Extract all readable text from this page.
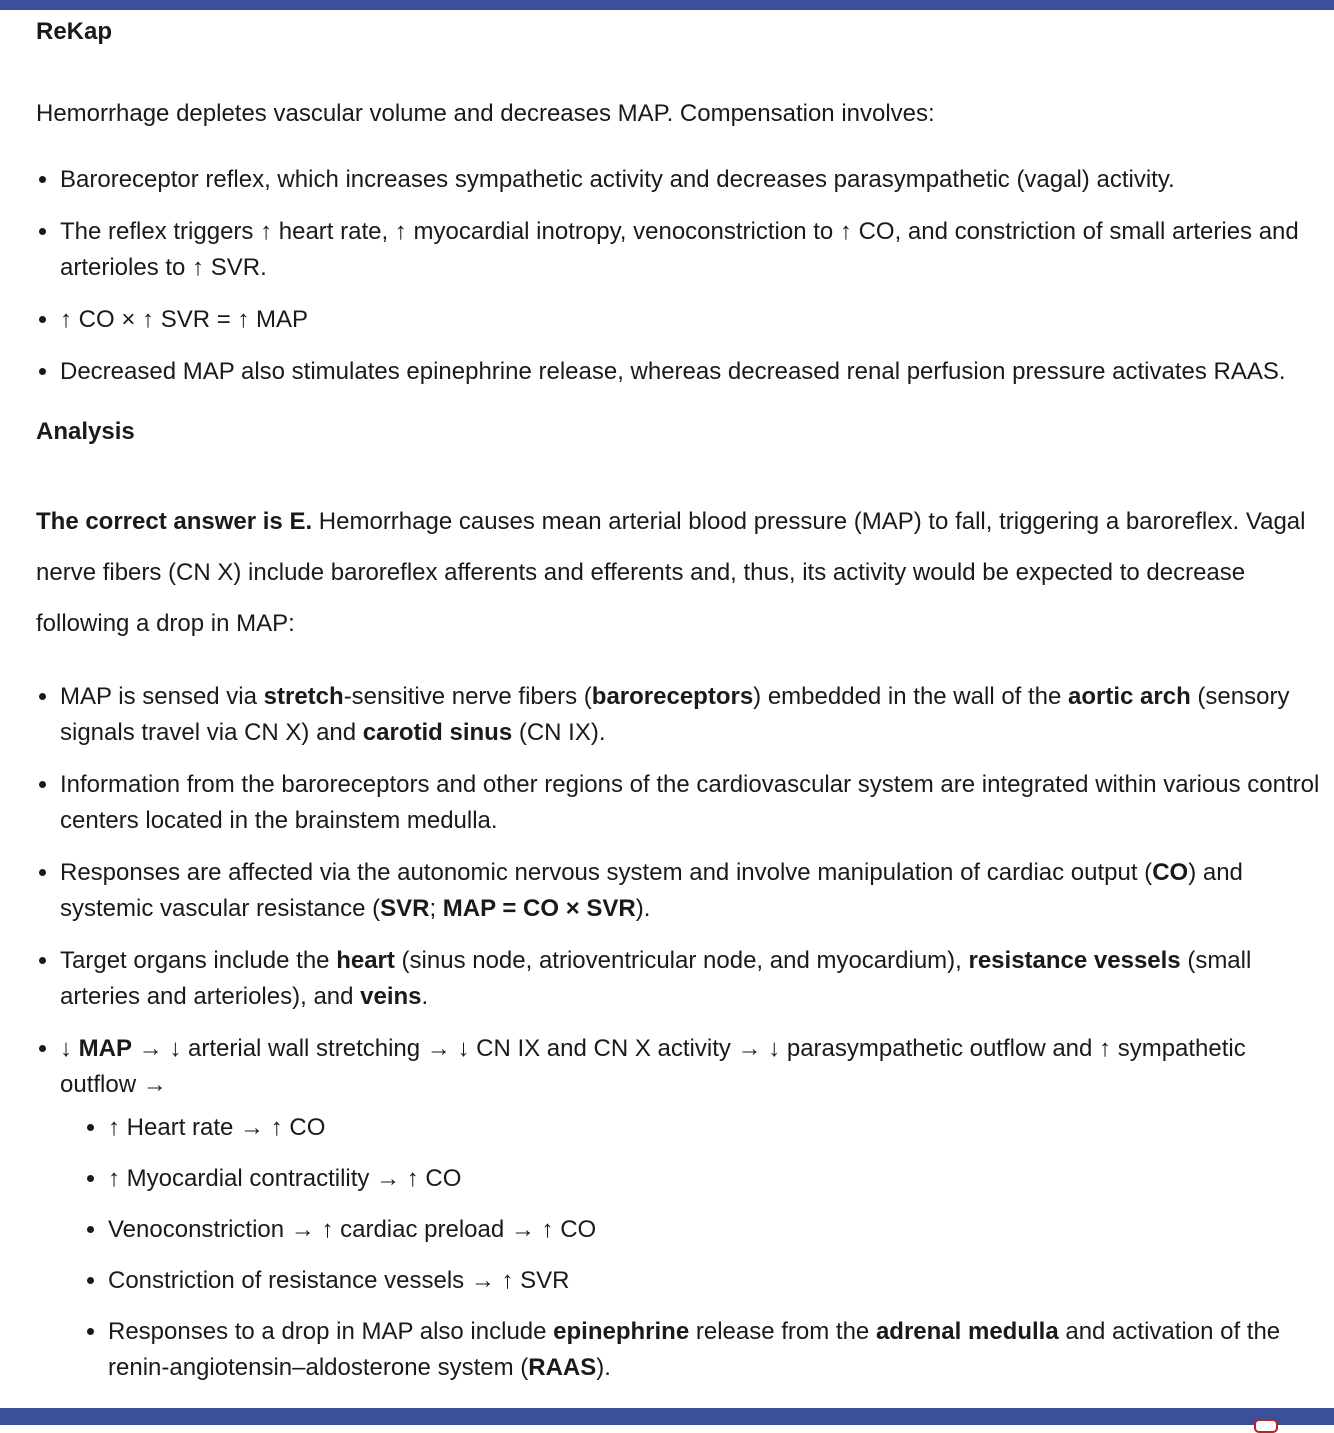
ReKap

Hemorrhage depletes vascular volume and decreases MAP. Compensation involves:

• Baroreceptor reflex, which increases sympathetic activity and decreases parasympathetic (vagal) activity.
• The reflex triggers ↑ heart rate, ↑ myocardial inotropy, venoconstriction to ↑ CO, and constriction of small arteries and arterioles to ↑ SVR.
• ↑ CO × ↑ SVR = ↑ MAP
• Decreased MAP also stimulates epinephrine release, whereas decreased renal perfusion pressure activates RAAS.
Analysis

The correct answer is E. Hemorrhage causes mean arterial blood pressure (MAP) to fall, triggering a baroreflex. Vagal nerve fibers (CN X) include baroreflex afferents and efferents and, thus, its activity would be expected to decrease following a drop in MAP:

• MAP is sensed via stretch-sensitive nerve fibers (baroreceptors) embedded in the wall of the aortic arch (sensory signals travel via CN X) and carotid sinus (CN IX).
• Information from the baroreceptors and other regions of the cardiovascular system are integrated within various control centers located in the brainstem medulla.
• Responses are affected via the autonomic nervous system and involve manipulation of cardiac output (CO) and systemic vascular resistance (SVR; MAP = CO × SVR).
• Target organs include the heart (sinus node, atrioventricular node, and myocardium), resistance vessels (small arteries and arterioles), and veins.
• ↓ MAP → ↓ arterial wall stretching → ↓ CN IX and CN X activity → ↓ parasympathetic outflow and ↑ sympathetic outflow →
• ↑ Heart rate → ↑ CO
• ↑ Myocardial contractility → ↑ CO
• Venoconstriction → ↑ cardiac preload → ↑ CO
• Constriction of resistance vessels → ↑ SVR
• Responses to a drop in MAP also include epinephrine release from the adrenal medulla and activation of the renin-angiotensin–aldosterone system (RAAS).
